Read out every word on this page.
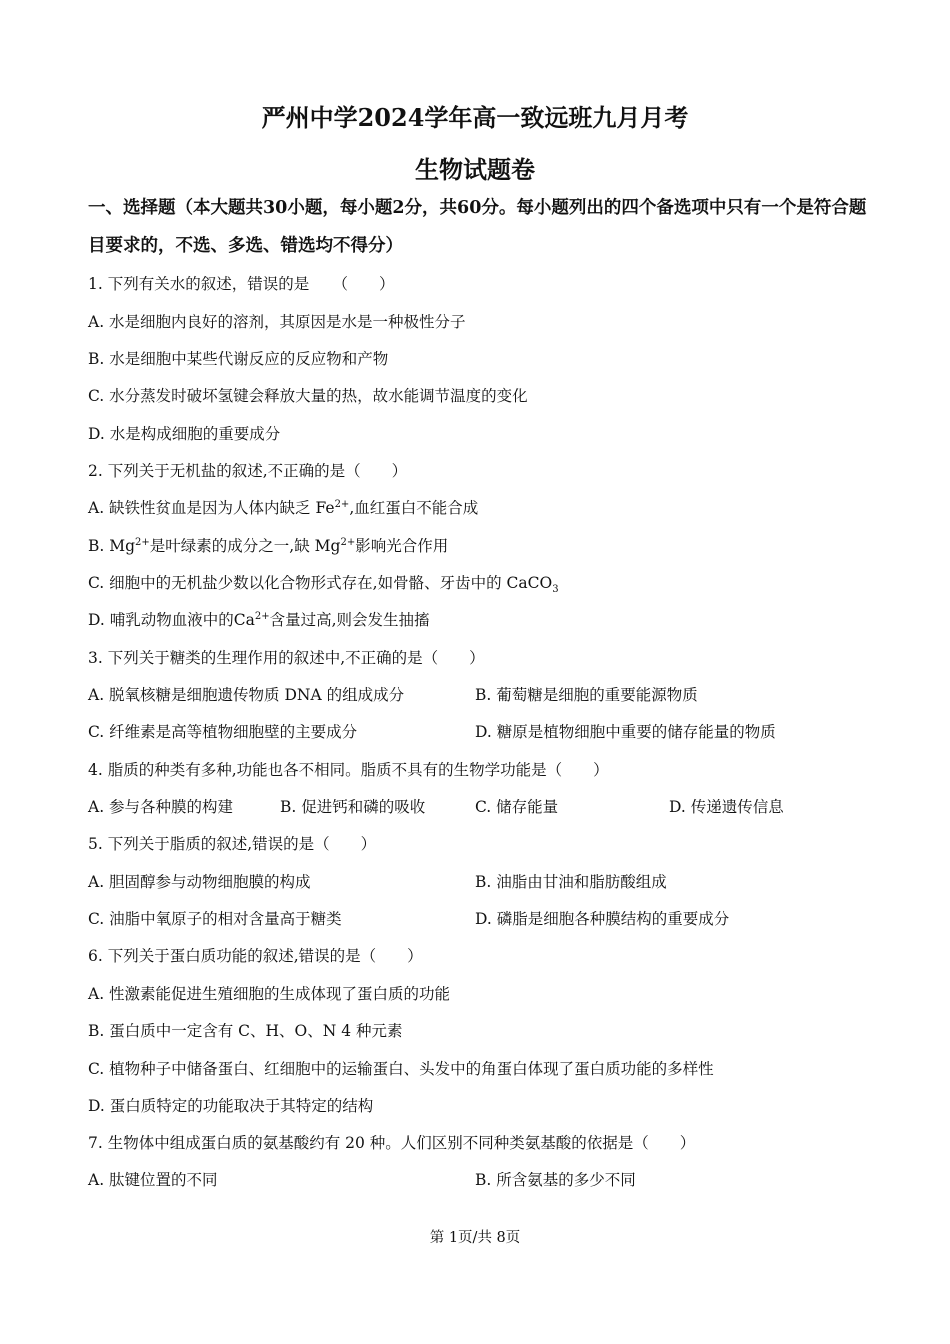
严州中学2024学年高一致远班九月月考
生物试题卷
一、选择题（本大题共30小题，每小题2分，共60分。每小题列出的四个备选项中只有一个是符合题目要求的，不选、多选、错选均不得分）
1. 下列有关水的叙述，错误的是　　（　　）
A. 水是细胞内良好的溶剂，其原因是水是一种极性分子
B. 水是细胞中某些代谢反应的反应物和产物
C. 水分蒸发时破坏氢键会释放大量的热，故水能调节温度的变化
D. 水是构成细胞的重要成分
2. 下列关于无机盐的叙述,不正确的是（　　）
A. 缺铁性贫血是因为人体内缺乏 $Fe^{2+}$,血红蛋白不能合成
B. $Mg^{2+}$是叶绿素的成分之一,缺 $Mg^{2+}$影响光合作用
C. 细胞中的无机盐少数以化合物形式存在,如骨骼、牙齿中的 CaCO$_3$
D. 哺乳动物血液中的$Ca^{2+}$含量过高,则会发生抽搐
3. 下列关于糖类的生理作用的叙述中,不正确的是（　　）
A. 脱氧核糖是细胞遗传物质 DNA 的组成成分	B. 葡萄糖是细胞的重要能源物质
C. 纤维素是高等植物细胞壁的主要成分	D. 糖原是植物细胞中重要的储存能量的物质
4. 脂质的种类有多种,功能也各不相同。脂质不具有的生物学功能是（　　）
A. 参与各种膜的构建	B. 促进钙和磷的吸收	C. 储存能量	D. 传递遗传信息
5. 下列关于脂质的叙述,错误的是（　　）
A. 胆固醇参与动物细胞膜的构成	B. 油脂由甘油和脂肪酸组成
C. 油脂中氧原子的相对含量高于糖类	D. 磷脂是细胞各种膜结构的重要成分
6. 下列关于蛋白质功能的叙述,错误的是（　　）
A. 性激素能促进生殖细胞的生成体现了蛋白质的功能
B. 蛋白质中一定含有 C、H、O、N 4 种元素
C. 植物种子中储备蛋白、红细胞中的运输蛋白、头发中的角蛋白体现了蛋白质功能的多样性
D. 蛋白质特定的功能取决于其特定的结构
7. 生物体中组成蛋白质的氨基酸约有 20 种。人们区别不同种类氨基酸的依据是（　　）
A. 肽键位置的不同	B. 所含氨基的多少不同
第 1页/共 8页
